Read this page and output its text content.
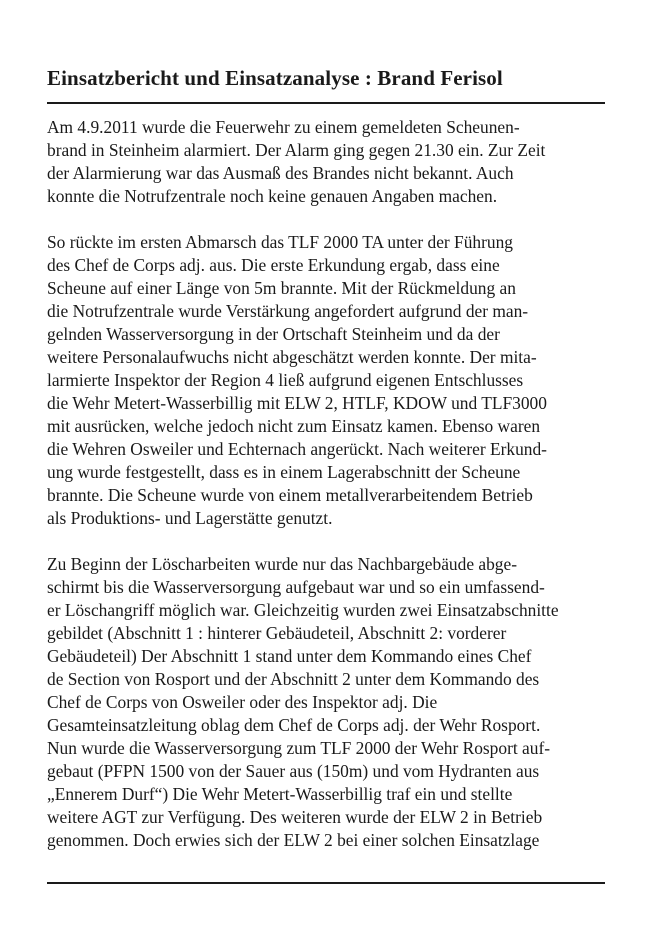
Einsatzbericht und Einsatzanalyse : Brand Ferisol

Am 4.9.2011 wurde die Feuerwehr zu einem gemeldeten Scheunen-
brand in Steinheim alarmiert. Der Alarm ging gegen 21.30 ein. Zur Zeit
der Alarmierung war das Ausmaß des Brandes nicht bekannt. Auch
konnte die Notrufzentrale noch keine genauen Angaben machen.

So rückte im ersten Abmarsch das TLF 2000 TA unter der Führung
des Chef de Corps adj. aus. Die erste Erkundung ergab, dass eine
Scheune auf einer Länge von 5m brannte. Mit der Rückmeldung an
die Notrufzentrale wurde Verstärkung angefordert aufgrund der man-
gelnden Wasserversorgung in der Ortschaft Steinheim und da der
weitere Personalaufwuchs nicht abgeschätzt werden konnte. Der mita-
larmierte Inspektor der Region 4 ließ aufgrund eigenen Entschlusses
die Wehr Metert-Wasserbillig mit ELW 2, HTLF, KDOW und TLF3000
mit ausrücken, welche jedoch nicht zum Einsatz kamen. Ebenso waren
die Wehren Osweiler und Echternach angerückt. Nach weiterer Erkund-
ung wurde festgestellt, dass es in einem Lagerabschnitt der Scheune
brannte. Die Scheune wurde von einem metallverarbeitendem Betrieb
als Produktions- und Lagerstätte genutzt.

Zu Beginn der Löscharbeiten wurde nur das Nachbargebäude abge-
schirmt bis die Wasserversorgung aufgebaut war und so ein umfassend-
er Löschangriff möglich war. Gleichzeitig wurden zwei Einsatzabschnitte
gebildet (Abschnitt 1 : hinterer Gebäudeteil, Abschnitt 2: vorderer
Gebäudeteil) Der Abschnitt 1 stand unter dem Kommando eines Chef
de Section von Rosport und der Abschnitt 2 unter dem Kommando des
Chef de Corps von Osweiler oder des Inspektor adj. Die
Gesamteinsatzleitung oblag dem Chef de Corps adj. der Wehr Rosport.
Nun wurde die Wasserversorgung zum TLF 2000 der Wehr Rosport auf-
gebaut (PFPN 1500 von der Sauer aus (150m) und vom Hydranten aus
„Ennerem Durf“) Die Wehr Metert-Wasserbillig traf ein und stellte
weitere AGT zur Verfügung. Des weiteren wurde der ELW 2 in Betrieb
genommen. Doch erwies sich der ELW 2 bei einer solchen Einsatzlage
